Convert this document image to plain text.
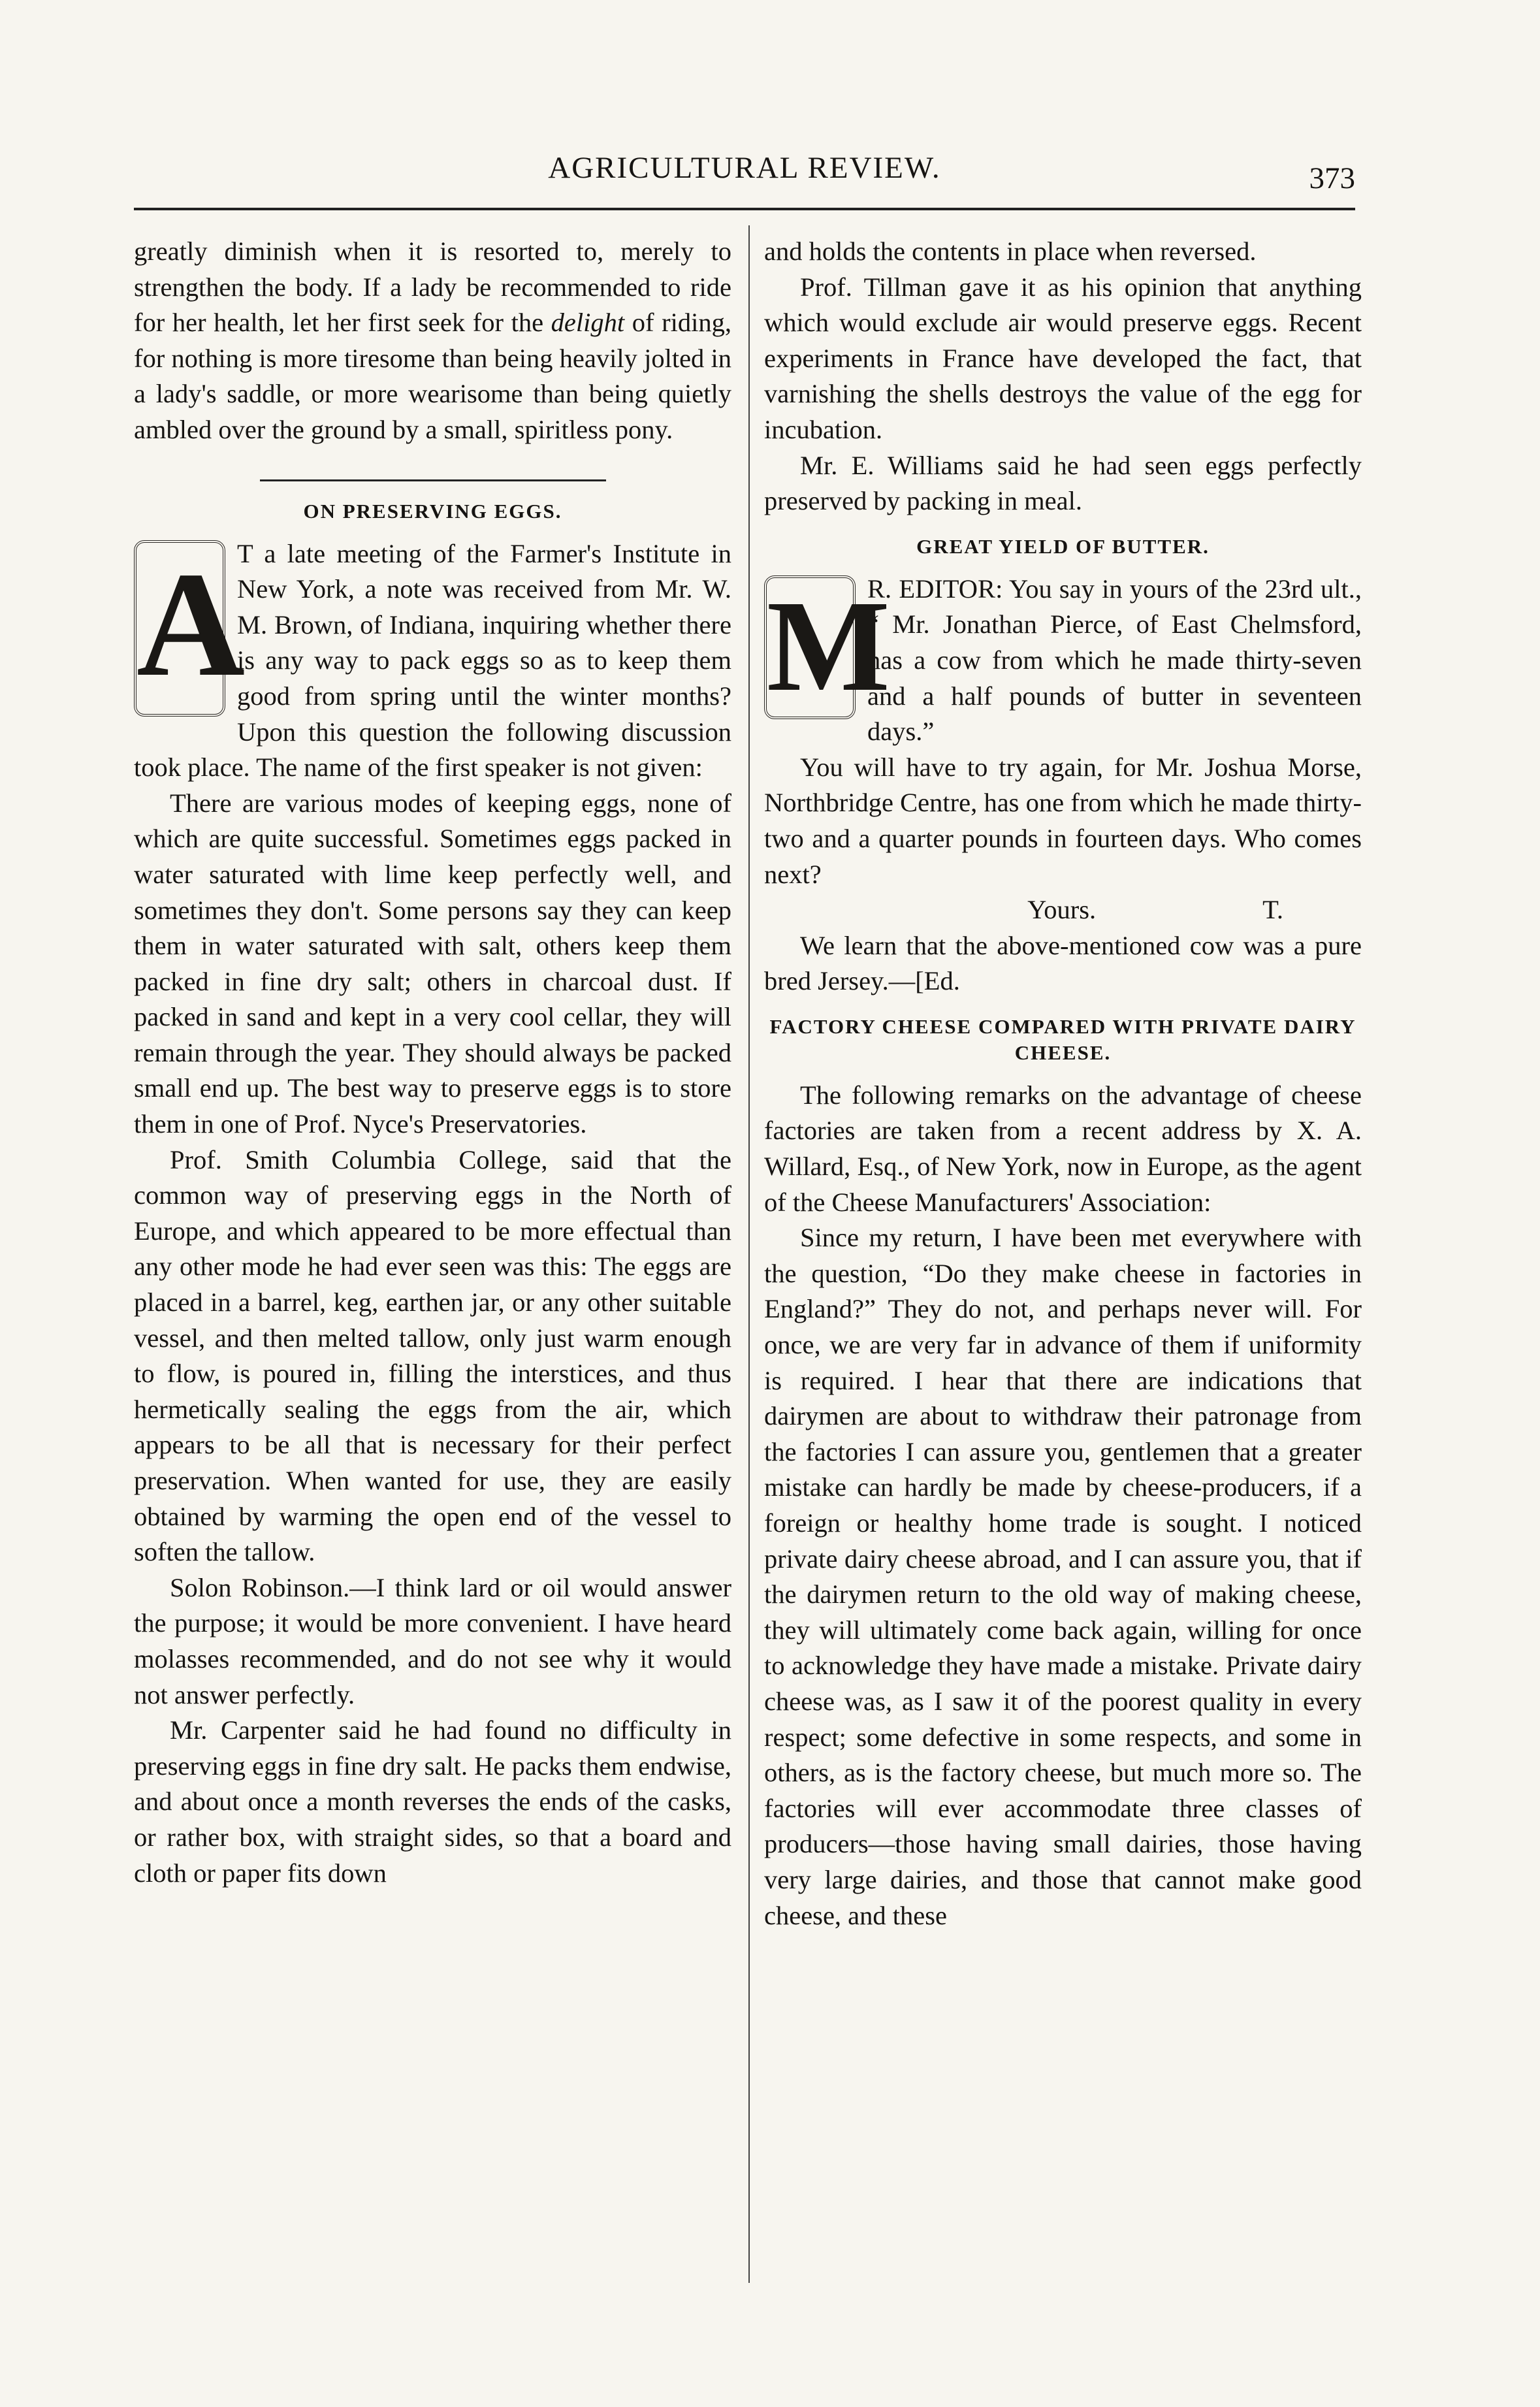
AGRICULTURAL REVIEW.	373

greatly diminish when it is resorted to, merely to strengthen the body. If a lady be recommended to ride for her health, let her first seek for the delight of riding, for nothing is more tiresome than being heavily jolted in a lady's saddle, or more wearisome than being quietly ambled over the ground by a small, spiritless pony.

ON PRESERVING EGGS.
A

T a late meeting of the Farmer's Institute in New York, a note was received from Mr. W. M. Brown, of Indiana, inquiring whether there is any way to pack eggs so as to keep them good from spring until the winter months? Upon this question the following discussion took place. The name of the first speaker is not given:

There are various modes of keeping eggs, none of which are quite successful. Sometimes eggs packed in water saturated with lime keep perfectly well, and sometimes they don't. Some persons say they can keep them in water saturated with salt, others keep them packed in fine dry salt; others in charcoal dust. If packed in sand and kept in a very cool cellar, they will remain through the year. They should always be packed small end up. The best way to preserve eggs is to store them in one of Prof. Nyce's Preservatories.

Prof. Smith Columbia College, said that the common way of preserving eggs in the North of Europe, and which appeared to be more effectual than any other mode he had ever seen was this: The eggs are placed in a barrel, keg, earthen jar, or any other suitable vessel, and then melted tallow, only just warm enough to flow, is poured in, filling the interstices, and thus hermetically sealing the eggs from the air, which appears to be all that is necessary for their perfect preservation. When wanted for use, they are easily obtained by warming the open end of the vessel to soften the tallow.

Solon Robinson.—I think lard or oil would answer the purpose; it would be more convenient. I have heard molasses recommended, and do not see why it would not answer perfectly.

Mr. Carpenter said he had found no difficulty in preserving eggs in fine dry salt. He packs them endwise, and about once a month reverses the ends of the casks, or rather box, with straight sides, so that a board and cloth or paper fits down

and holds the contents in place when reversed.

Prof. Tillman gave it as his opinion that anything which would exclude air would preserve eggs. Recent experiments in France have developed the fact, that varnishing the shells destroys the value of the egg for incubation.

Mr. E. Williams said he had seen eggs perfectly preserved by packing in meal.

GREAT YIELD OF BUTTER.
M

R. EDITOR: You say in yours of the 23rd ult., “ Mr. Jonathan Pierce, of East Chelmsford, has a cow from which he made thirty-seven and a half pounds of butter in seventeen days.”

You will have to try again, for Mr. Joshua Morse, Northbridge Centre, has one from which he made thirty-two and a quarter pounds in fourteen days. Who comes next?

Yours.	T.

We learn that the above-mentioned cow was a pure bred Jersey.—[Ed.

FACTORY CHEESE COMPARED WITH PRIVATE DAIRY CHEESE.

The following remarks on the advantage of cheese factories are taken from a recent address by X. A. Willard, Esq., of New York, now in Europe, as the agent of the Cheese Manufacturers' Association:

Since my return, I have been met everywhere with the question, “Do they make cheese in factories in England?” They do not, and perhaps never will. For once, we are very far in advance of them if uniformity is required. I hear that there are indications that dairymen are about to withdraw their patronage from the factories I can assure you, gentlemen that a greater mistake can hardly be made by cheese-producers, if a foreign or healthy home trade is sought. I noticed private dairy cheese abroad, and I can assure you, that if the dairymen return to the old way of making cheese, they will ultimately come back again, willing for once to acknowledge they have made a mistake. Private dairy cheese was, as I saw it of the poorest quality in every respect; some defective in some respects, and some in others, as is the factory cheese, but much more so. The factories will ever accommodate three classes of producers—those having small dairies, those having very large dairies, and those that cannot make good cheese, and these
